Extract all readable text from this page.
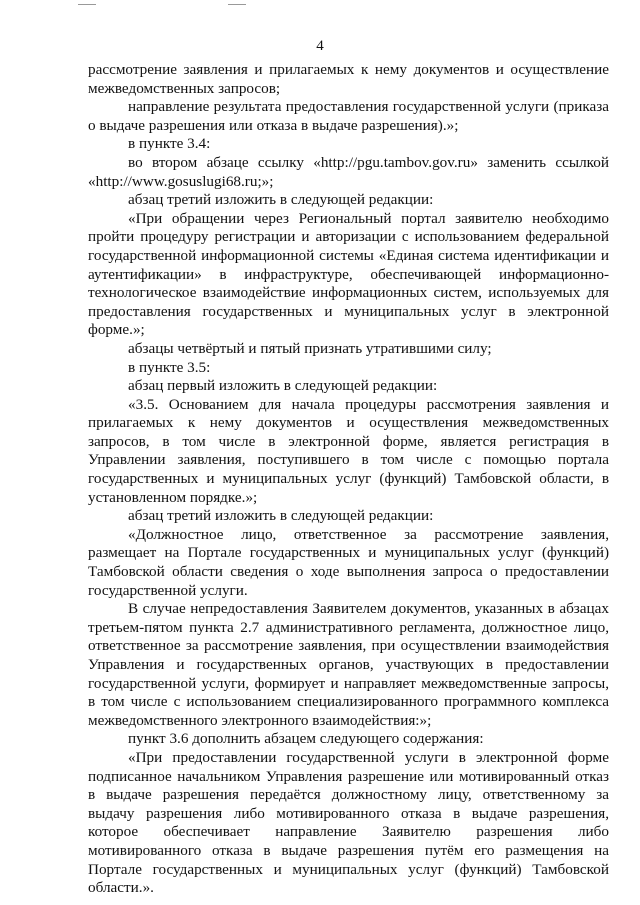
4

рассмотрение заявления и прилагаемых к нему документов и осуществление межведомственных запросов;

направление результата предоставления государственной услуги (приказа о выдаче разрешения или отказа в выдаче разрешения).»;

в пункте 3.4:

во втором абзаце ссылку «http://pgu.tambov.gov.ru» заменить ссылкой «http://www.gosuslugi68.ru;»;

абзац третий изложить в следующей редакции:

«При обращении через Региональный портал заявителю необходимо пройти процедуру регистрации и авторизации с использованием федеральной государственной информационной системы «Единая система идентификации и аутентификации» в инфраструктуре, обеспечивающей информационно-технологическое взаимодействие информационных систем, используемых для предоставления государственных и муниципальных услуг в электронной форме.»;

абзацы четвёртый и пятый признать утратившими силу;

в пункте 3.5:

абзац первый изложить в следующей редакции:

«3.5. Основанием для начала процедуры рассмотрения заявления и прилагаемых к нему документов и осуществления межведомственных запросов, в том числе в электронной форме, является регистрация в Управлении заявления, поступившего в том числе с помощью портала государственных и муниципальных услуг (функций) Тамбовской области, в установленном порядке.»;

абзац третий изложить в следующей редакции:

«Должностное лицо, ответственное за рассмотрение заявления, размещает на Портале государственных и муниципальных услуг (функций) Тамбовской области сведения о ходе выполнения запроса о предоставлении государственной услуги.

В случае непредоставления Заявителем документов, указанных в абзацах третьем-пятом пункта 2.7 административного регламента, должностное лицо, ответственное за рассмотрение заявления, при осуществлении взаимодействия Управления и государственных органов, участвующих в предоставлении государственной услуги, формирует и направляет межведомственные запросы, в том числе с использованием специализированного программного комплекса межведомственного электронного взаимодействия:»;

пункт 3.6 дополнить абзацем следующего содержания:

«При предоставлении государственной услуги в электронной форме подписанное начальником Управления разрешение или мотивированный отказ в выдаче разрешения передаётся должностному лицу, ответственному за выдачу разрешения либо мотивированного отказа в выдаче разрешения, которое обеспечивает направление Заявителю разрешения либо мотивированного отказа в выдаче разрешения путём его размещения на Портале государственных и муниципальных услуг (функций) Тамбовской области.».
